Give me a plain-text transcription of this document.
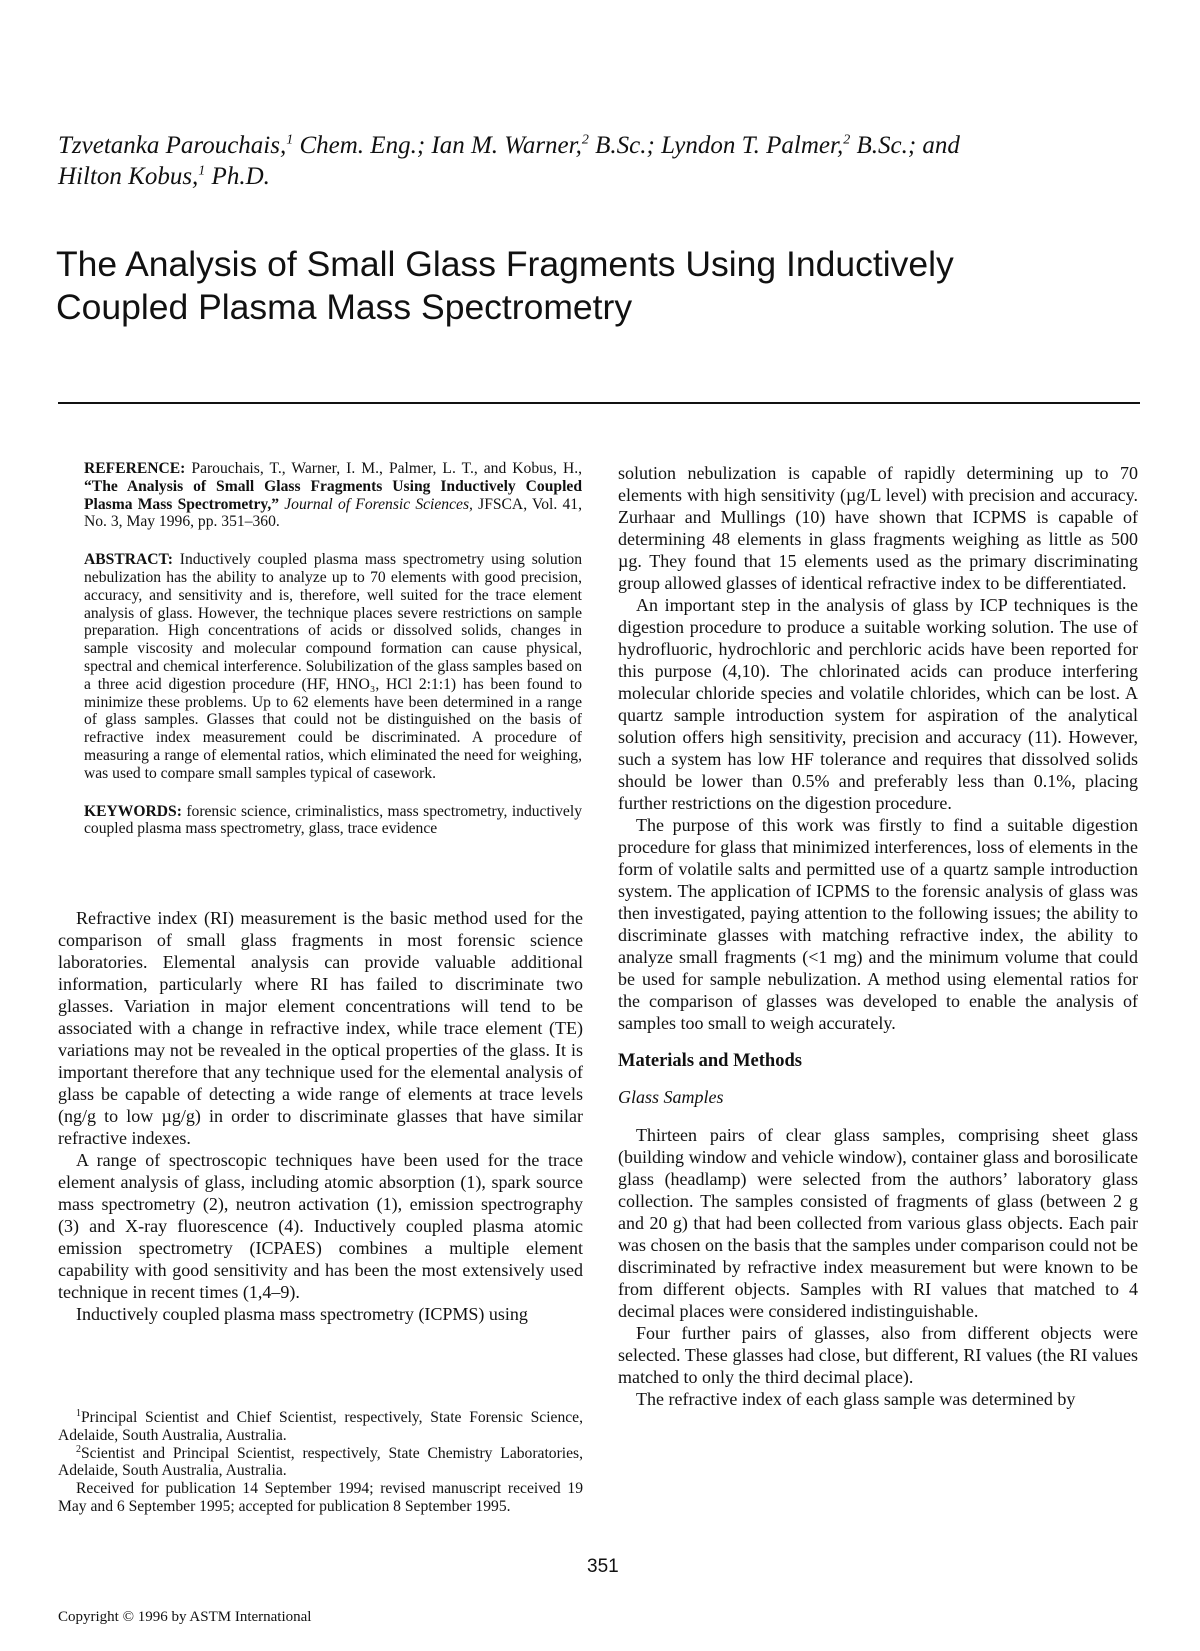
Tzvetanka Parouchais,$^1$ Chem. Eng.; Ian M. Warner,$^2$ B.Sc.; Lyndon T. Palmer,$^2$ B.Sc.; and
Hilton Kobus,$^1$ Ph.D.
The Analysis of Small Glass Fragments Using Inductively
Coupled Plasma Mass Spectrometry

REFERENCE: Parouchais, T., Warner, I. M., Palmer, L. T., and Kobus, H., “The Analysis of Small Glass Fragments Using Inductively Coupled Plasma Mass Spectrometry,” Journal of Forensic Sciences, JFSCA, Vol. 41, No. 3, May 1996, pp. 351–360.

ABSTRACT: Inductively coupled plasma mass spectrometry using solution nebulization has the ability to analyze up to 70 elements with good precision, accuracy, and sensitivity and is, therefore, well suited for the trace element analysis of glass. However, the technique places severe restrictions on sample preparation. High concentrations of acids or dissolved solids, changes in sample viscosity and molecular compound formation can cause physical, spectral and chemical interference. Solubilization of the glass samples based on a three acid digestion procedure (HF, HNO₃, HCl 2:1:1) has been found to minimize these problems. Up to 62 elements have been determined in a range of glass samples. Glasses that could not be distinguished on the basis of refractive index measurement could be discriminated. A procedure of measuring a range of elemental ratios, which eliminated the need for weighing, was used to compare small samples typical of casework.

KEYWORDS: forensic science, criminalistics, mass spectrometry, inductively coupled plasma mass spectrometry, glass, trace evidence

Refractive index (RI) measurement is the basic method used for the comparison of small glass fragments in most forensic science laboratories. Elemental analysis can provide valuable additional information, particularly where RI has failed to discriminate two glasses. Variation in major element concentrations will tend to be associated with a change in refractive index, while trace element (TE) variations may not be revealed in the optical properties of the glass. It is important therefore that any technique used for the elemental analysis of glass be capable of detecting a wide range of elements at trace levels (ng/g to low µg/g) in order to discriminate glasses that have similar refractive indexes.

A range of spectroscopic techniques have been used for the trace element analysis of glass, including atomic absorption (1), spark source mass spectrometry (2), neutron activation (1), emission spectrography (3) and X-ray fluorescence (4). Inductively coupled plasma atomic emission spectrometry (ICPAES) combines a multiple element capability with good sensitivity and has been the most extensively used technique in recent times (1,4–9).

Inductively coupled plasma mass spectrometry (ICPMS) using

$^1$Principal Scientist and Chief Scientist, respectively, State Forensic Science, Adelaide, South Australia, Australia.

$^2$Scientist and Principal Scientist, respectively, State Chemistry Laboratories, Adelaide, South Australia, Australia.

Received for publication 14 September 1994; revised manuscript received 19 May and 6 September 1995; accepted for publication 8 September 1995.

solution nebulization is capable of rapidly determining up to 70 elements with high sensitivity (µg/L level) with precision and accuracy. Zurhaar and Mullings (10) have shown that ICPMS is capable of determining 48 elements in glass fragments weighing as little as 500 µg. They found that 15 elements used as the primary discriminating group allowed glasses of identical refractive index to be differentiated.

An important step in the analysis of glass by ICP techniques is the digestion procedure to produce a suitable working solution. The use of hydrofluoric, hydrochloric and perchloric acids have been reported for this purpose (4,10). The chlorinated acids can produce interfering molecular chloride species and volatile chlorides, which can be lost. A quartz sample introduction system for aspiration of the analytical solution offers high sensitivity, precision and accuracy (11). However, such a system has low HF tolerance and requires that dissolved solids should be lower than 0.5% and preferably less than 0.1%, placing further restrictions on the digestion procedure.

The purpose of this work was firstly to find a suitable digestion procedure for glass that minimized interferences, loss of elements in the form of volatile salts and permitted use of a quartz sample introduction system. The application of ICPMS to the forensic analysis of glass was then investigated, paying attention to the following issues; the ability to discriminate glasses with matching refractive index, the ability to analyze small fragments (<1 mg) and the minimum volume that could be used for sample nebulization. A method using elemental ratios for the comparison of glasses was developed to enable the analysis of samples too small to weigh accurately.

Materials and Methods
Glass Samples

Thirteen pairs of clear glass samples, comprising sheet glass (building window and vehicle window), container glass and borosilicate glass (headlamp) were selected from the authors’ laboratory glass collection. The samples consisted of fragments of glass (between 2 g and 20 g) that had been collected from various glass objects. Each pair was chosen on the basis that the samples under comparison could not be discriminated by refractive index measurement but were known to be from different objects. Samples with RI values that matched to 4 decimal places were considered indistinguishable.

Four further pairs of glasses, also from different objects were selected. These glasses had close, but different, RI values (the RI values matched to only the third decimal place).

The refractive index of each glass sample was determined by

351
Copyright © 1996 by ASTM International
